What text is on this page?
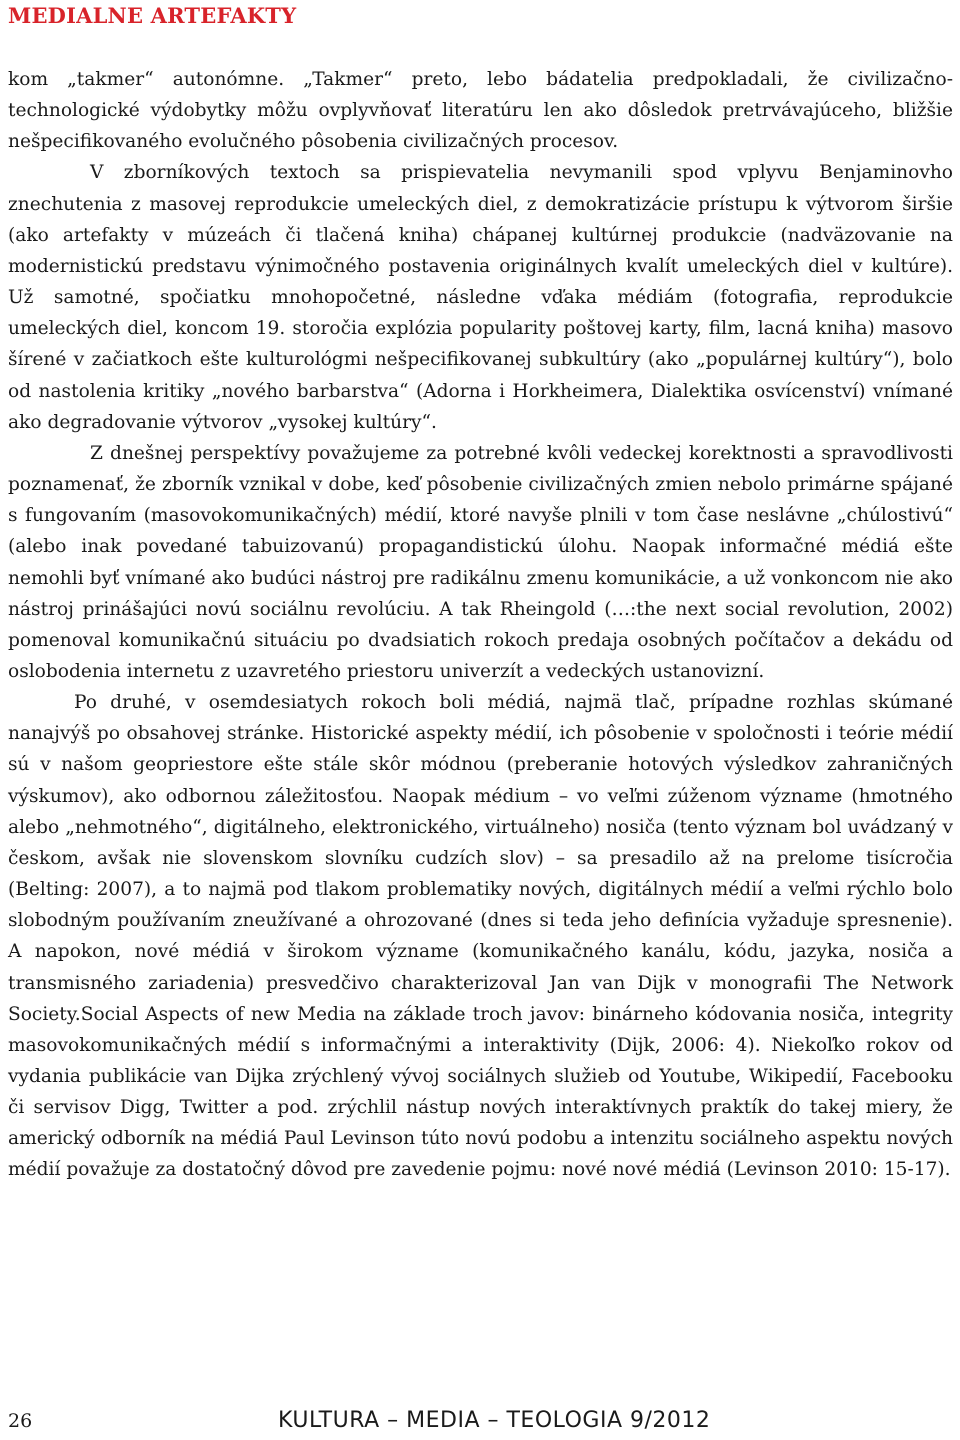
MEDIALNE ARTEFAKTY

kom „takmer“ autonómne. „Takmer“ preto, lebo bádatelia predpokladali, že civilizačno-technologické výdobytky môžu ovplyvňovať literatúru len ako dôsledok pretrvávajúceho, bližšie nešpecifikovaného evolučného pôsobenia civilizačných procesov.

V zborníkových textoch sa prispievatelia nevymanili spod vplyvu Benjaminovho znechutenia z masovej reprodukcie umeleckých diel, z demokratizácie prístupu k výtvorom širšie (ako artefakty v múzeách či tlačená kniha) chápanej kultúrnej produkcie (nadväzovanie na modernistickú predstavu výnimočného postavenia originálnych kvalít umeleckých diel v kultúre). Už samotné, spočiatku mnohopočetné, následne vďaka médiám (fotografia, reprodukcie umeleckých diel, koncom 19. storočia explózia popularity poštovej karty, film, lacná kniha) masovo šírené v začiatkoch ešte kulturológmi nešpecifikovanej subkultúry (ako „populárnej kultúry“), bolo od nastolenia kritiky „nového barbarstva“ (Adorna i Horkheimera, Dialektika osvícenství) vnímané ako degradovanie výtvorov „vysokej kultúry“.

Z dnešnej perspektívy považujeme za potrebné kvôli vedeckej korektnosti a spravodlivosti poznamenať, že zborník vznikal v dobe, keď pôsobenie civilizačných zmien nebolo primárne spájané s fungovaním (masovokomunikačných) médií, ktoré navyše plnili v tom čase neslávne „chúlostivú“ (alebo inak povedané tabuizovanú) propagandistickú úlohu. Naopak informačné médiá ešte nemohli byť vnímané ako budúci nástroj pre radikálnu zmenu komunikácie, a už vonkoncom nie ako nástroj prinášajúci novú sociálnu revolúciu. A tak Rheingold (…:the next social revolution, 2002) pomenoval komunikačnú situáciu po dvadsiatich rokoch predaja osobných počítačov a dekádu od oslobodenia internetu z uzavretého priestoru univerzít a vedeckých ustanovizní.

Po druhé, v osemdesiatych rokoch boli médiá, najmä tlač, prípadne rozhlas skúmané nanajvýš po obsahovej stránke. Historické aspekty médií, ich pôsobenie v spoločnosti i teórie médií sú v našom geopriestore ešte stále skôr módnou (preberanie hotových výsledkov zahraničných výskumov), ako odbornou záležitosťou. Naopak médium – vo veľmi zúženom význame (hmotného alebo „nehmotného“, digitálneho, elektronického, virtuálneho) nosiča (tento význam bol uvádzaný v českom, avšak nie slovenskom slovníku cudzích slov) – sa presadilo až na prelome tisícročia (Belting: 2007), a to najmä pod tlakom problematiky nových, digitálnych médií a veľmi rýchlo bolo slobodným používaním zneužívané a ohrozované (dnes si teda jeho definícia vyžaduje spresnenie). A napokon, nové médiá v širokom význame (komunikačného kanálu, kódu, jazyka, nosiča a transmisného zariadenia) presvedčivo charakterizoval Jan van Dijk v monografii The Network Society.Social Aspects of new Media na základe troch javov: binárneho kódovania nosiča, integrity masovokomunikačných médií s informačnými a interaktivity (Dijk, 2006: 4). Niekoľko rokov od vydania publikácie van Dijka zrýchlený vývoj sociálnych služieb od Youtube, Wikipedií, Facebooku či servisov Digg, Twitter a pod. zrýchlil nástup nových interaktívnych praktík do takej miery, že americký odborník na médiá Paul Levinson túto novú podobu a intenzitu sociálneho aspektu nových médií považuje za dostatočný dôvod pre zavedenie pojmu: nové nové médiá (Levinson 2010: 15-17).

26	KULTURA – MEDIA – TEOLOGIA 9/2012
